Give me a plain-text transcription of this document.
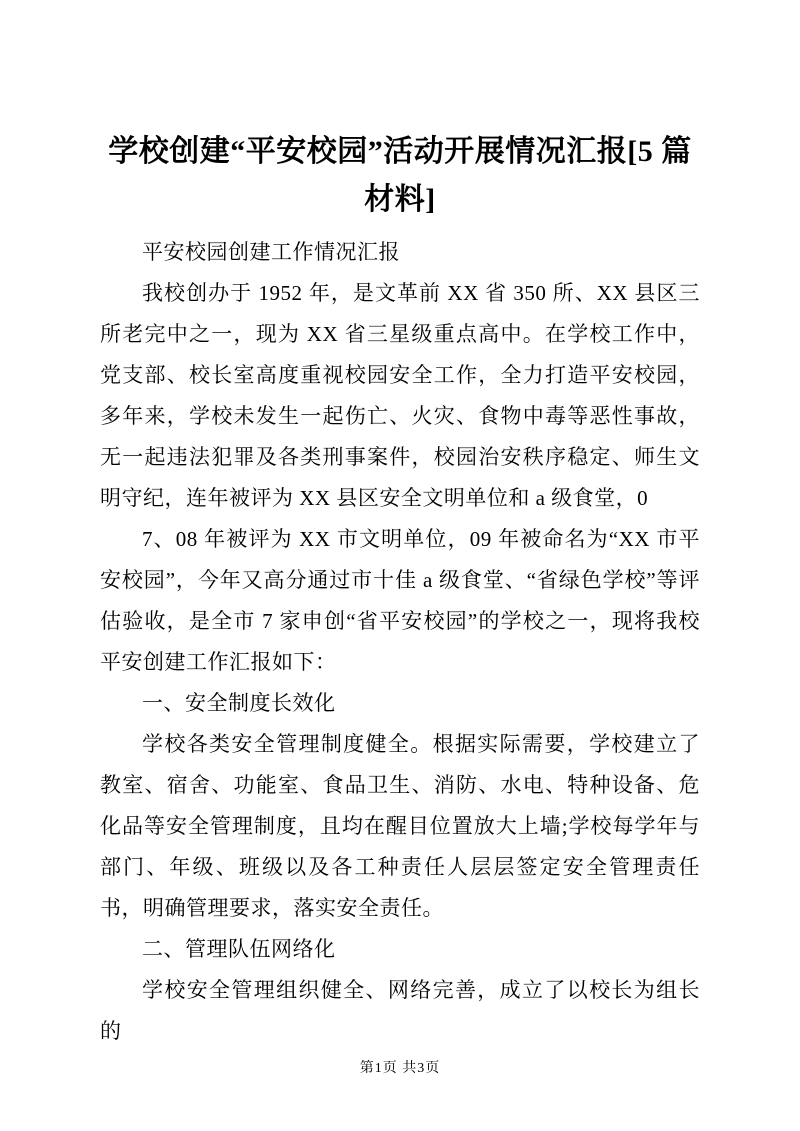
学校创建“平安校园”活动开展情况汇报[5 篇材料]

平安校园创建工作情况汇报

我校创办于 1952 年，是文革前 XX 省 350 所、XX 县区三所老完中之一，现为 XX 省三星级重点高中。在学校工作中，党支部、校长室高度重视校园安全工作，全力打造平安校园，多年来，学校未发生一起伤亡、火灾、食物中毒等恶性事故，无一起违法犯罪及各类刑事案件，校园治安秩序稳定、师生文明守纪，连年被评为 XX 县区安全文明单位和 a 级食堂，0

7、08 年被评为 XX 市文明单位，09 年被命名为“XX 市平安校园”，今年又高分通过市十佳 a 级食堂、“省绿色学校”等评估验收，是全市 7 家申创“省平安校园”的学校之一，现将我校平安创建工作汇报如下：

一、安全制度长效化

学校各类安全管理制度健全。根据实际需要，学校建立了教室、宿舍、功能室、食品卫生、消防、水电、特种设备、危化品等安全管理制度，且均在醒目位置放大上墙;学校每学年与部门、年级、班级以及各工种责任人层层签定安全管理责任书，明确管理要求，落实安全责任。

二、管理队伍网络化

学校安全管理组织健全、网络完善，成立了以校长为组长的

第1页 共3页
